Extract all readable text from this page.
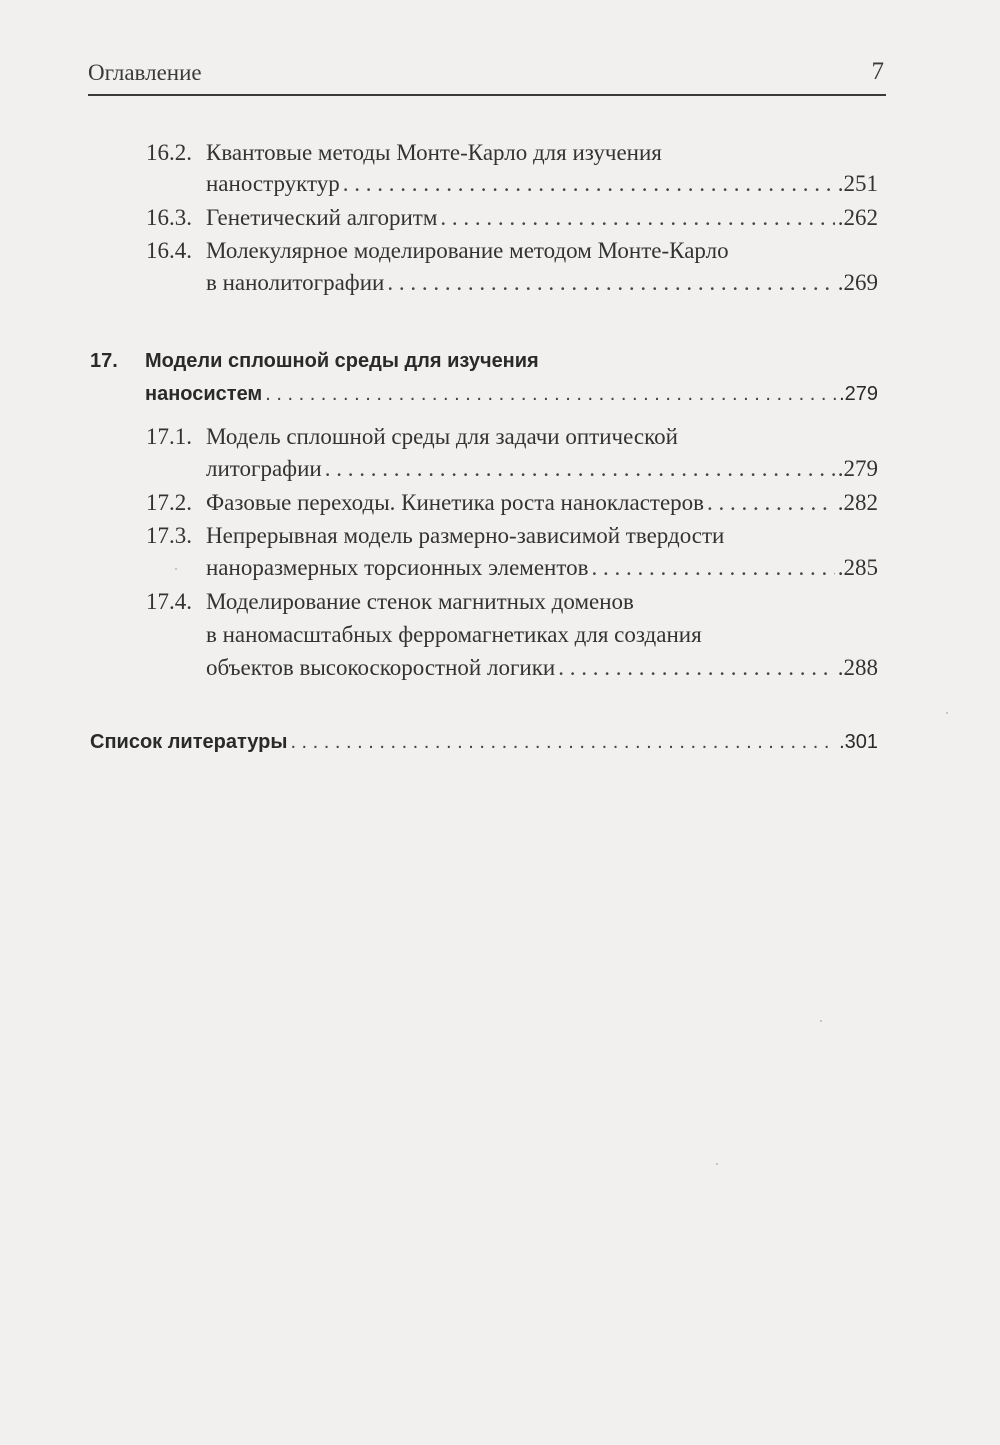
Оглавление	7
16.2. Квантовые методы Монте-Карло для изучения
наноструктур . . .	.251
16.3. Генетический алгоритм . . .	.262
16.4. Молекулярное моделирование методом Монте-Карло
в нанолитографии . . .	.269
17. Модели сплошной среды для изучения
наносистем . . .	.279
17.1. Модель сплошной среды для задачи оптической
литографии . . .	.279
17.2. Фазовые переходы. Кинетика роста нанокластеров . . .	.282
17.3. Непрерывная модель размерно-зависимой твердости
наноразмерных торсионных элементов . . .	.285
17.4. Моделирование стенок магнитных доменов
в наномасштабных ферромагнетиках для создания
объектов высокоскоростной логики . . .	.288
Список литературы . . .	.301
